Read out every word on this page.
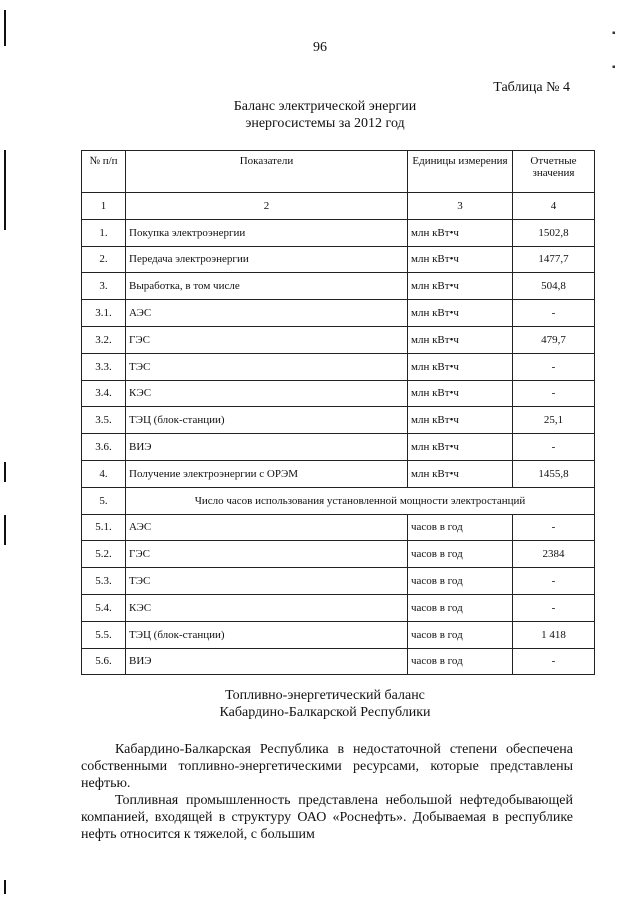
▪
▪
96
Таблица № 4
Баланс электрической энергии
энергосистемы за 2012 год
№ п/п	Показатели	Единицы измерения	Отчетные значения
1	2	3	4
1.	Покупка электроэнергии	млн кВт•ч	1502,8
2.	Передача электроэнергии	млн кВт•ч	1477,7
3.	Выработка, в том числе	млн кВт•ч	504,8
3.1.	АЭС	млн кВт•ч	-
3.2.	ГЭС	млн кВт•ч	479,7
3.3.	ТЭС	млн кВт•ч	-
3.4.	КЭС	млн кВт•ч	-
3.5.	ТЭЦ (блок-станции)	млн кВт•ч	25,1
3.6.	ВИЭ	млн кВт•ч	-
4.	Получение электроэнергии с ОРЭМ	млн кВт•ч	1455,8
5.	Число часов использования установленной мощности электростанций		
5.1.	АЭС	часов в год	-
5.2.	ГЭС	часов в год	2384
5.3.	ТЭС	часов в год	-
5.4.	КЭС	часов в год	-
5.5.	ТЭЦ (блок-станции)	часов в год	1 418
5.6.	ВИЭ	часов в год	-
Топливно-энергетический баланс
Кабардино-Балкарской Республики

Кабардино-Балкарская Республика в недостаточной степени обеспечена собственными топливно-энергетическими ресурсами, которые представлены нефтью.

Топливная промышленность представлена небольшой нефтедобывающей компанией, входящей в структуру ОАО «Роснефть». Добываемая в республике нефть относится к тяжелой, с большим
